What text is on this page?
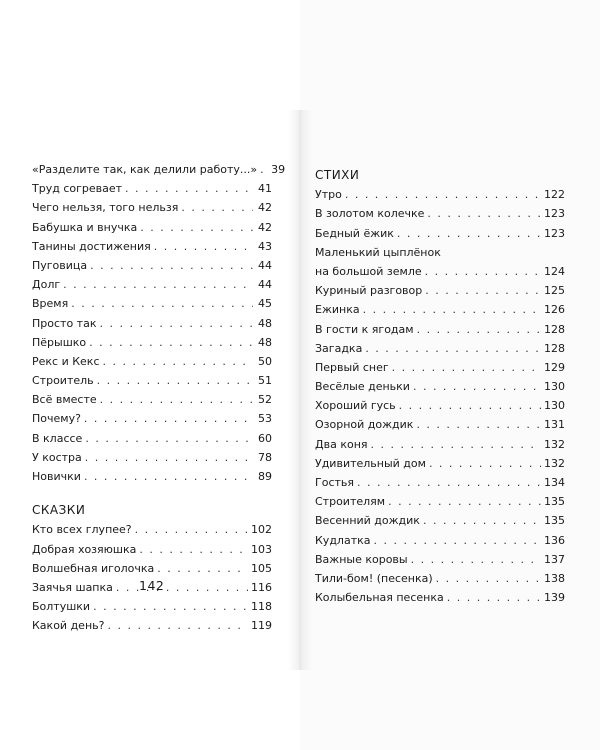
«Разделите так, как делили работу...» . . . 39
Труд согревает . . .	41
Чего нельзя, того нельзя . . .	42
Бабушка и внучка . . .	42
Танины достижения . . .	43
Пуговица . . .	44
Долг . . .	44
Время . . .	45
Просто так . . .	48
Пёрышко . . .	48
Рекс и Кекс . . .	50
Строитель . . .	51
Всё вместе . . .	52
Почему? . . .	53
В классе . . .	60
У костра . . .	78
Новички . . .	89
СКАЗКИ
Кто всех глупее? . . .	102
Добрая хозяюшка . . .	103
Волшебная иголочка . . .	105
Заячья шапка . . .	116
Болтушки . . .	118
Какой день? . . .	119
142
СТИХИ
Утро . . .	122
В золотом колечке . . .	123
Бедный ёжик . . .	123
Маленький цыплёнок
на большой земле . . .	124
Куриный разговор . . .	125
Ежинка . . .	126
В гости к ягодам . . .	128
Загадка . . .	128
Первый снег . . .	129
Весёлые деньки . . .	130
Хороший гусь . . .	130
Озорной дождик . . .	131
Два коня . . .	132
Удивительный дом . . .	132
Гостья . . .	134
Строителям . . .	135
Весенний дождик . . .	135
Кудлатка . . .	136
Важные коровы . . .	137
Тили-бом! (песенка) . . .	138
Колыбельная песенка . . .	139
